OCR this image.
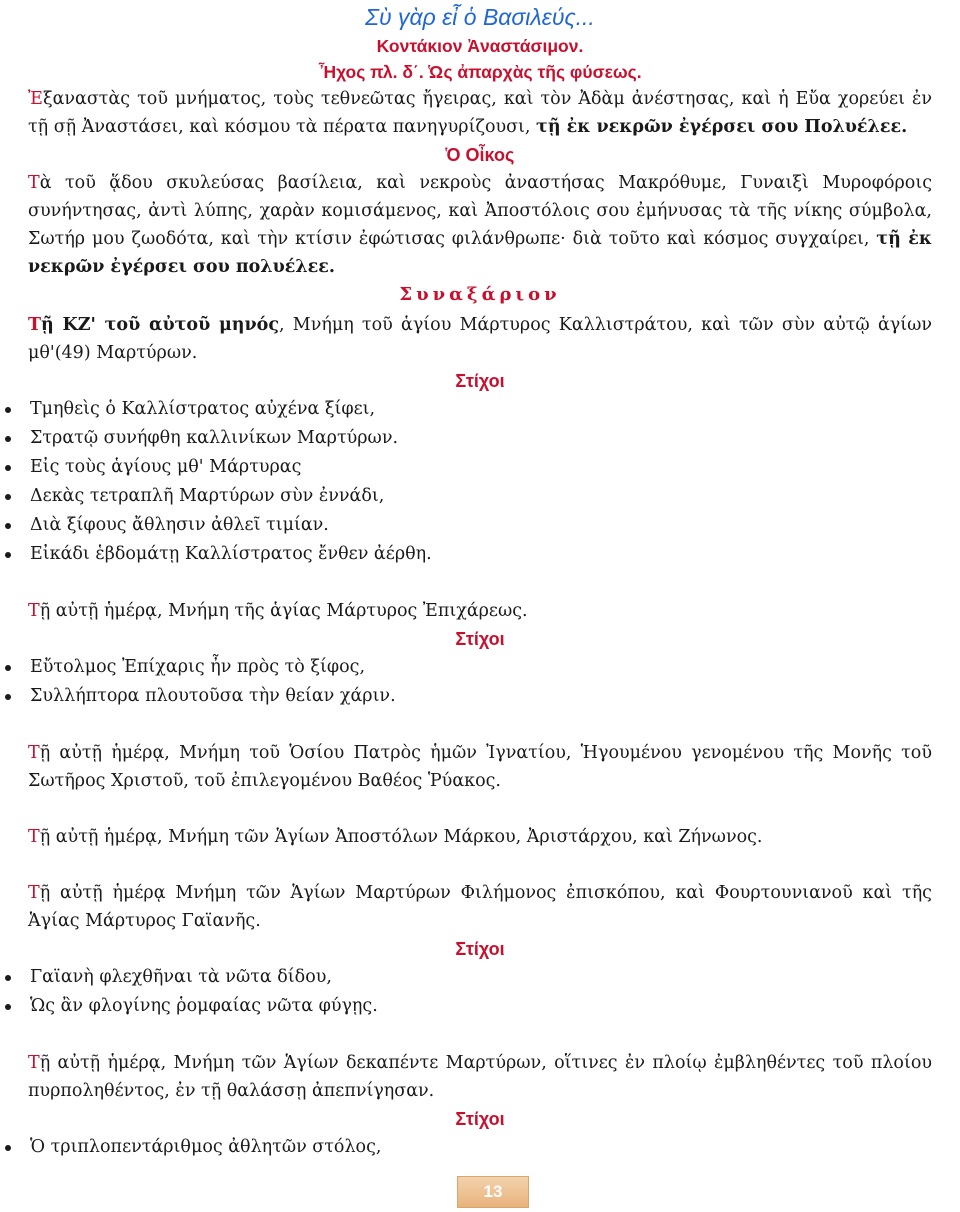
Σὺ γὰρ εἶ ὁ Βασιλεύς...
Κοντάκιον Ἀναστάσιμον.
Ἦχος πλ. δ΄. Ὡς ἀπαρχὰς τῆς φύσεως.

Ἐξαναστὰς τοῦ μνήματος, τοὺς τεθνεῶτας ἤγειρας, καὶ τὸν Ἀδὰμ ἀνέστησας, καὶ ἡ Εὔα χορεύει ἐν τῇ σῇ Ἀναστάσει, καὶ κόσμου τὰ πέρατα πανηγυρίζουσι, τῇ ἐκ νεκρῶν ἐγέρσει σου Πολυέλεε.

Ὁ Οἶκος

Τὰ τοῦ ᾅδου σκυλεύσας βασίλεια, καὶ νεκροὺς ἀναστήσας Μακρόθυμε, Γυναιξὶ Μυροφόροις συνήντησας, ἀντὶ λύπης, χαρὰν κομισάμενος, καὶ Ἀποστόλοις σου ἐμήνυσας τὰ τῆς νίκης σύμβολα, Σωτήρ μου ζωοδότα, καὶ τὴν κτίσιν ἐφώτισας φιλάνθρωπε· διὰ τοῦτο καὶ κόσμος συγχαίρει, τῇ ἐκ νεκρῶν ἐγέρσει σου πολυέλεε.

Συναξάριον

Τῇ ΚΖ' τοῦ αὐτοῦ μηνός, Μνήμη τοῦ ἁγίου Μάρτυρος Καλλιστράτου, καὶ τῶν σὺν αὐτῷ ἁγίων μθ'(49) Μαρτύρων.

Στίχοι
Τμηθεὶς ὁ Καλλίστρατος αὐχένα ξίφει,
Στρατῷ συνήφθη καλλινίκων Μαρτύρων.
Εἰς τοὺς ἁγίους μθ' Μάρτυρας
Δεκὰς τετραπλῆ Μαρτύρων σὺν ἐννάδι,
Διὰ ξίφους ἄθλησιν ἀθλεῖ τιμίαν.
Εἰκάδι ἑβδομάτῃ Καλλίστρατος ἔνθεν ἀέρθη.

Τῇ αὐτῇ ἡμέρᾳ, Μνήμη τῆς ἁγίας Μάρτυρος Ἐπιχάρεως.

Στίχοι
Εὔτολμος Ἐπίχαρις ἦν πρὸς τὸ ξίφος,
Συλλήπτορα πλουτοῦσα τὴν θείαν χάριν.

Τῇ αὐτῇ ἡμέρᾳ, Μνήμη τοῦ Ὁσίου Πατρὸς ἡμῶν Ἰγνατίου, Ἡγουμένου γενομένου τῆς Μονῆς τοῦ Σωτῆρος Χριστοῦ, τοῦ ἐπιλεγομένου Βαθέος Ῥύακος.

Τῇ αὐτῇ ἡμέρᾳ, Μνήμη τῶν Ἁγίων Ἀποστόλων Μάρκου, Ἀριστάρχου, καὶ Ζήνωνος.

Τῇ αὐτῇ ἡμέρᾳ Μνήμη τῶν Ἁγίων Μαρτύρων Φιλήμονος ἐπισκόπου, καὶ Φουρτουνιανοῦ καὶ τῆς Ἁγίας Μάρτυρος Γαϊανῆς.

Στίχοι
Γαϊανὴ φλεχθῆναι τὰ νῶτα δίδου,
Ὡς ἂν φλογίνης ῥομφαίας νῶτα φύγῃς.

Τῇ αὐτῇ ἡμέρᾳ, Μνήμη τῶν Ἁγίων δεκαπέντε Μαρτύρων, οἵτινες ἐν πλοίῳ ἐμβληθέντες τοῦ πλοίου πυρποληθέντος, ἐν τῇ θαλάσσῃ ἀπεπνίγησαν.

Στίχοι
Ὁ τριπλοπεντάριθμος ἀθλητῶν στόλος,
13
